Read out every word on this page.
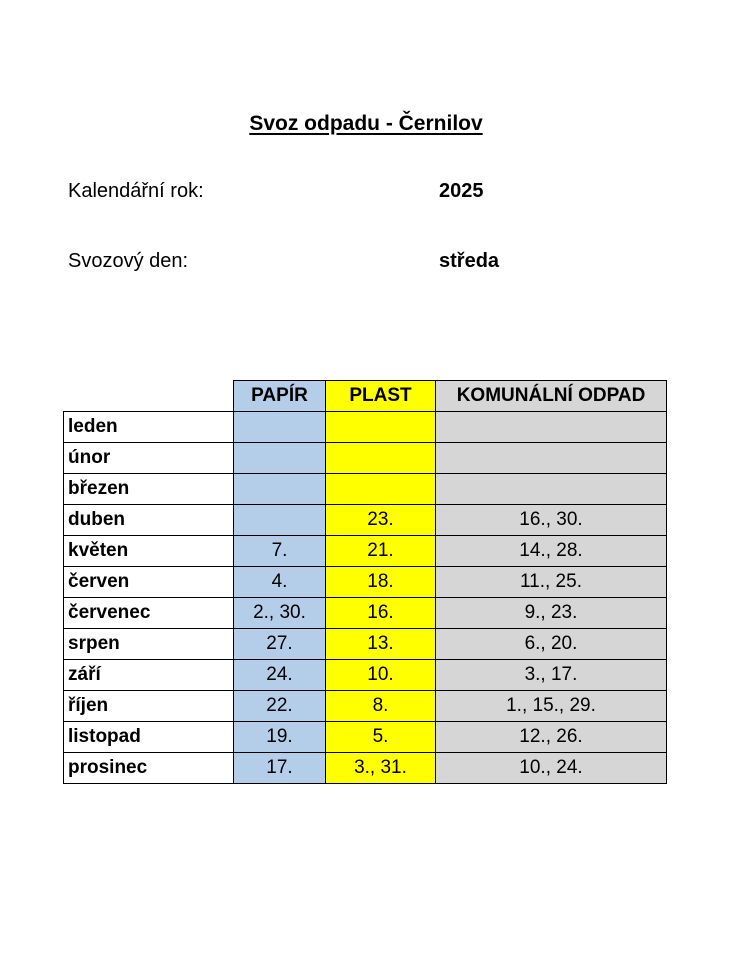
Svoz odpadu - Černilov
Kalendářní rok:	2025
Svozový den:	středa
	PAPÍR	PLAST	KOMUNÁLNÍ ODPAD
leden			
únor			
březen			
duben		23.	16., 30.
květen	7.	21.	14., 28.
červen	4.	18.	11., 25.
červenec	2., 30.	16.	9., 23.
srpen	27.	13.	6., 20.
září	24.	10.	3., 17.
říjen	22.	8.	1., 15., 29.
listopad	19.	5.	12., 26.
prosinec	17.	3., 31.	10., 24.
